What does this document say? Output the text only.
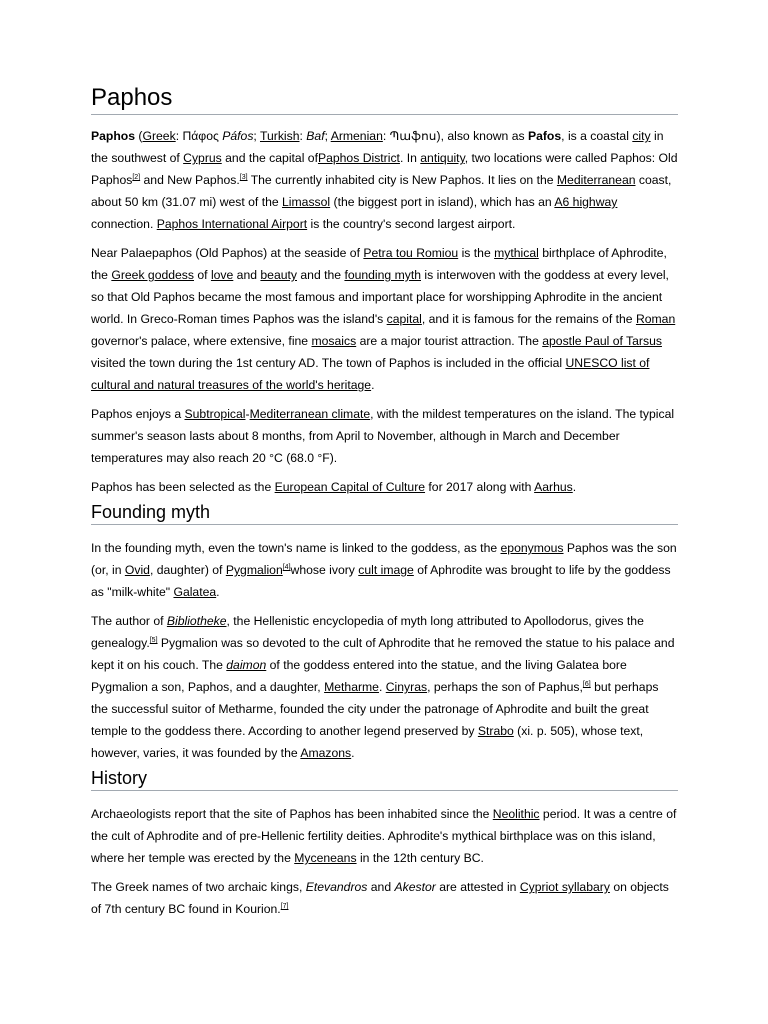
Paphos

Paphos (Greek: Πάφος Páfos; Turkish: Baf; Armenian: Պաֆոս), also known as Pafos, is a coastal city in the southwest of Cyprus and the capital ofPaphos District. In antiquity, two locations were called Paphos: Old Paphos[2] and New Paphos.[3] The currently inhabited city is New Paphos. It lies on the Mediterranean coast, about 50 km (31.07 mi) west of the Limassol (the biggest port in island), which has an A6 highway connection. Paphos International Airport is the country's second largest airport.

Near Palaepaphos (Old Paphos) at the seaside of Petra tou Romiou is the mythical birthplace of Aphrodite, the Greek goddess of love and beauty and the founding myth is interwoven with the goddess at every level, so that Old Paphos became the most famous and important place for worshipping Aphrodite in the ancient world. In Greco-Roman times Paphos was the island's capital, and it is famous for the remains of the Roman governor's palace, where extensive, fine mosaics are a major tourist attraction. The apostle Paul of Tarsus visited the town during the 1st century AD. The town of Paphos is included in the official UNESCO list of cultural and natural treasures of the world's heritage.

Paphos enjoys a Subtropical-Mediterranean climate, with the mildest temperatures on the island. The typical summer's season lasts about 8 months, from April to November, although in March and December temperatures may also reach 20 °C (68.0 °F).

Paphos has been selected as the European Capital of Culture for 2017 along with Aarhus.

Founding myth

In the founding myth, even the town's name is linked to the goddess, as the eponymous Paphos was the son (or, in Ovid, daughter) of Pygmalion[4]whose ivory cult image of Aphrodite was brought to life by the goddess as "milk-white" Galatea.

The author of Bibliotheke, the Hellenistic encyclopedia of myth long attributed to Apollodorus, gives the genealogy.[5] Pygmalion was so devoted to the cult of Aphrodite that he removed the statue to his palace and kept it on his couch. The daimon of the goddess entered into the statue, and the living Galatea bore Pygmalion a son, Paphos, and a daughter, Metharme. Cinyras, perhaps the son of Paphus,[6] but perhaps the successful suitor of Metharme, founded the city under the patronage of Aphrodite and built the great temple to the goddess there. According to another legend preserved by Strabo (xi. p. 505), whose text, however, varies, it was founded by the Amazons.

History

Archaeologists report that the site of Paphos has been inhabited since the Neolithic period. It was a centre of the cult of Aphrodite and of pre-Hellenic fertility deities. Aphrodite's mythical birthplace was on this island, where her temple was erected by the Myceneans in the 12th century BC.

The Greek names of two archaic kings, Etevandros and Akestor are attested in Cypriot syllabary on objects of 7th century BC found in Kourion.[7]
